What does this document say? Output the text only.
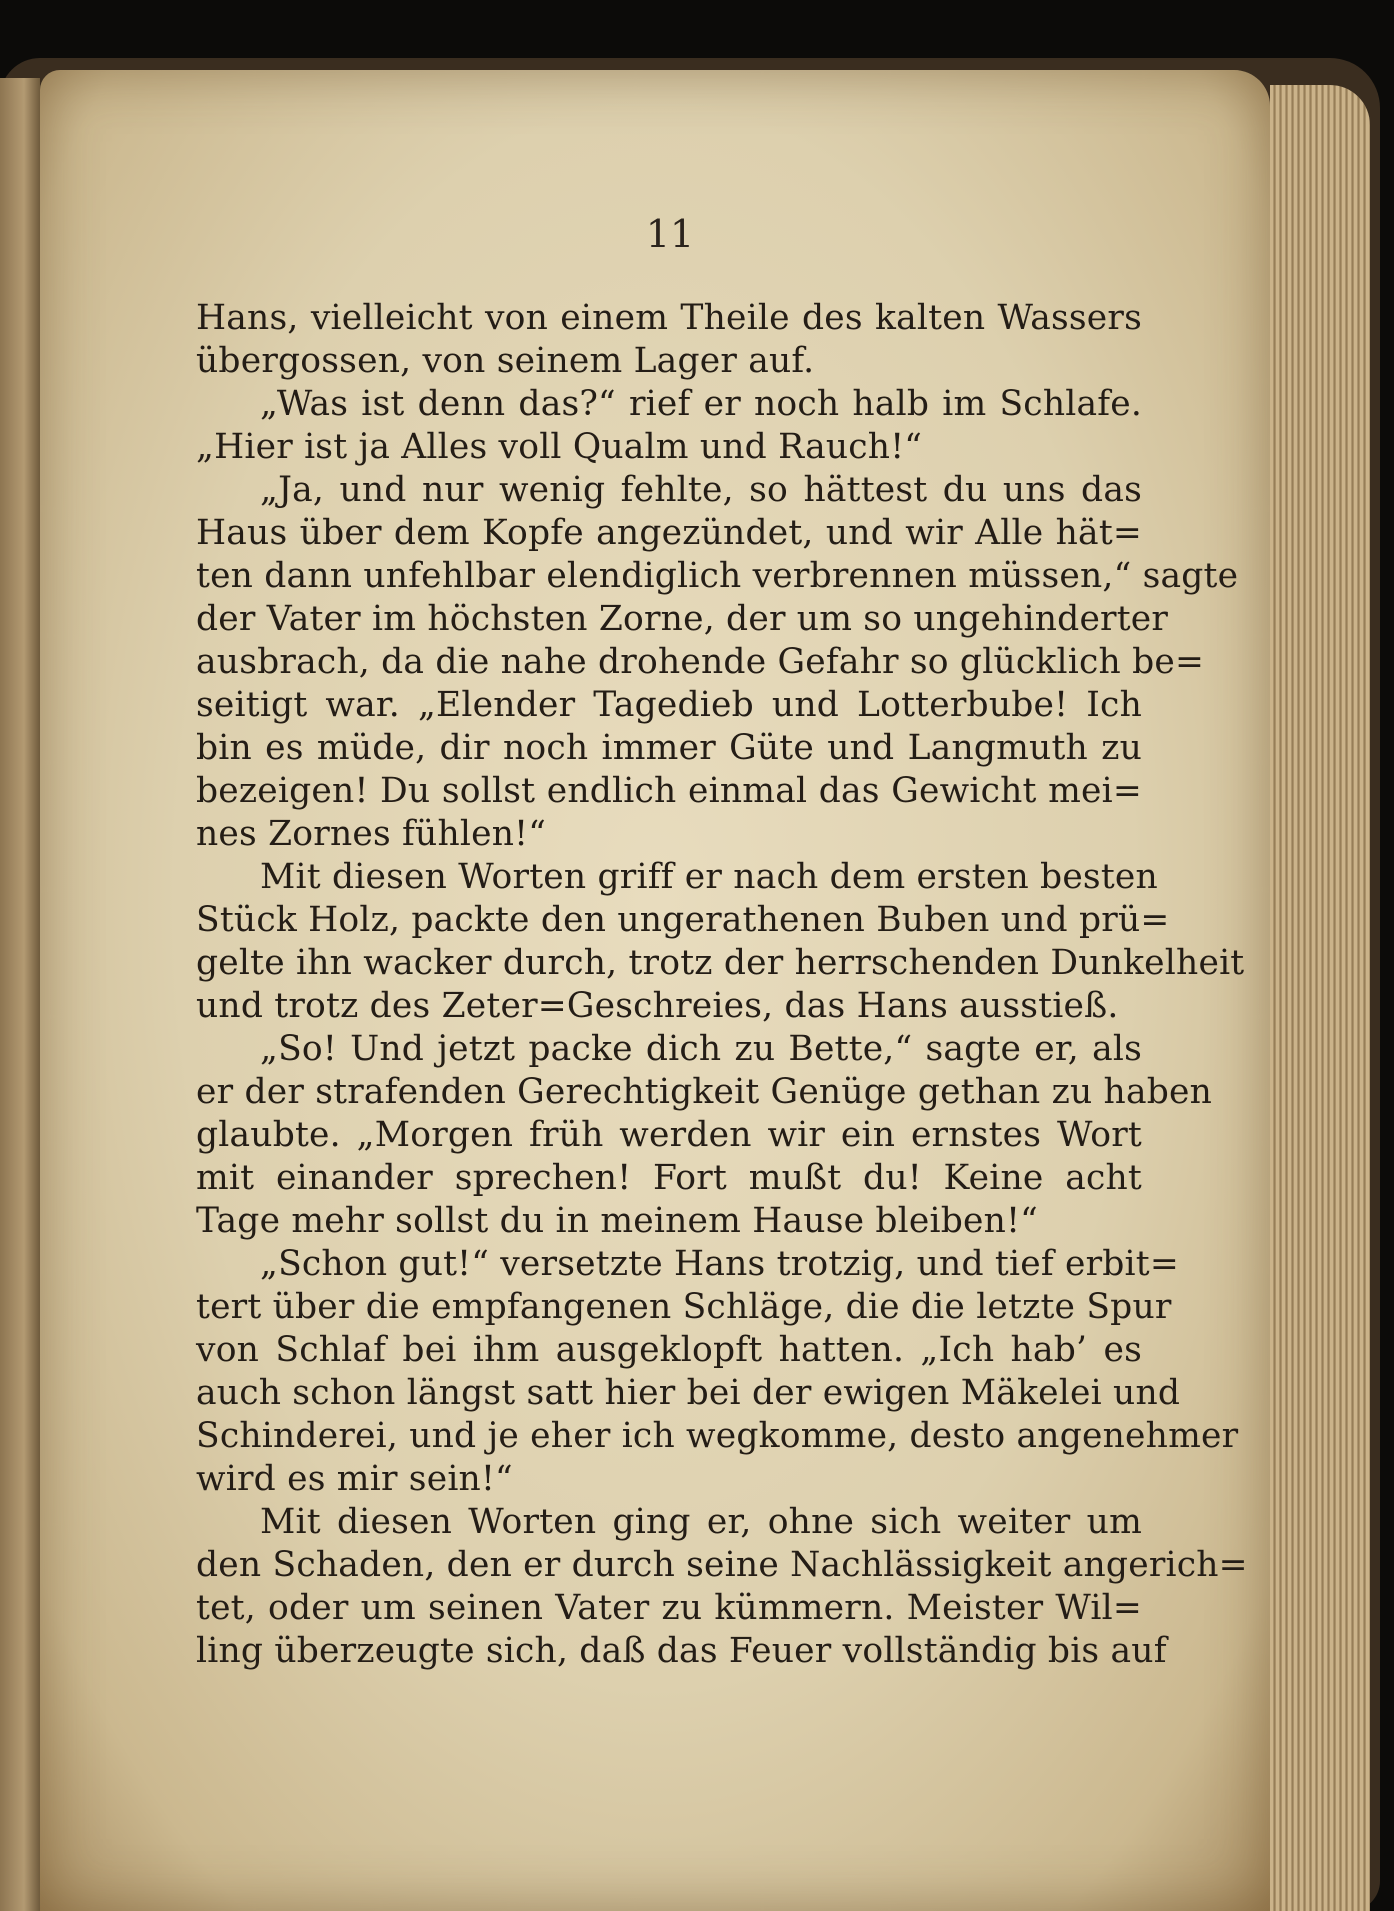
11
Hans, vielleicht von einem Theile des kalten Wassers
übergossen, von seinem Lager auf.
„Was ist denn das?“ rief er noch halb im Schlafe.
„Hier ist ja Alles voll Qualm und Rauch!“
„Ja, und nur wenig fehlte, so hättest du uns das
Haus über dem Kopfe angezündet, und wir Alle hät=
ten dann unfehlbar elendiglich verbrennen müssen,“ sagte
der Vater im höchsten Zorne, der um so ungehinderter
ausbrach, da die nahe drohende Gefahr so glücklich be=
seitigt war. „Elender Tagedieb und Lotterbube! Ich
bin es müde, dir noch immer Güte und Langmuth zu
bezeigen! Du sollst endlich einmal das Gewicht mei=
nes Zornes fühlen!“
Mit diesen Worten griff er nach dem ersten besten
Stück Holz, packte den ungerathenen Buben und prü=
gelte ihn wacker durch, trotz der herrschenden Dunkelheit
und trotz des Zeter=Geschreies, das Hans ausstieß.
„So! Und jetzt packe dich zu Bette,“ sagte er, als
er der strafenden Gerechtigkeit Genüge gethan zu haben
glaubte. „Morgen früh werden wir ein ernstes Wort
mit einander sprechen! Fort mußt du! Keine acht
Tage mehr sollst du in meinem Hause bleiben!“
„Schon gut!“ versetzte Hans trotzig, und tief erbit=
tert über die empfangenen Schläge, die die letzte Spur
von Schlaf bei ihm ausgeklopft hatten. „Ich hab’ es
auch schon längst satt hier bei der ewigen Mäkelei und
Schinderei, und je eher ich wegkomme, desto angenehmer
wird es mir sein!“
Mit diesen Worten ging er, ohne sich weiter um
den Schaden, den er durch seine Nachlässigkeit angerich=
tet, oder um seinen Vater zu kümmern. Meister Wil=
ling überzeugte sich, daß das Feuer vollständig bis auf
